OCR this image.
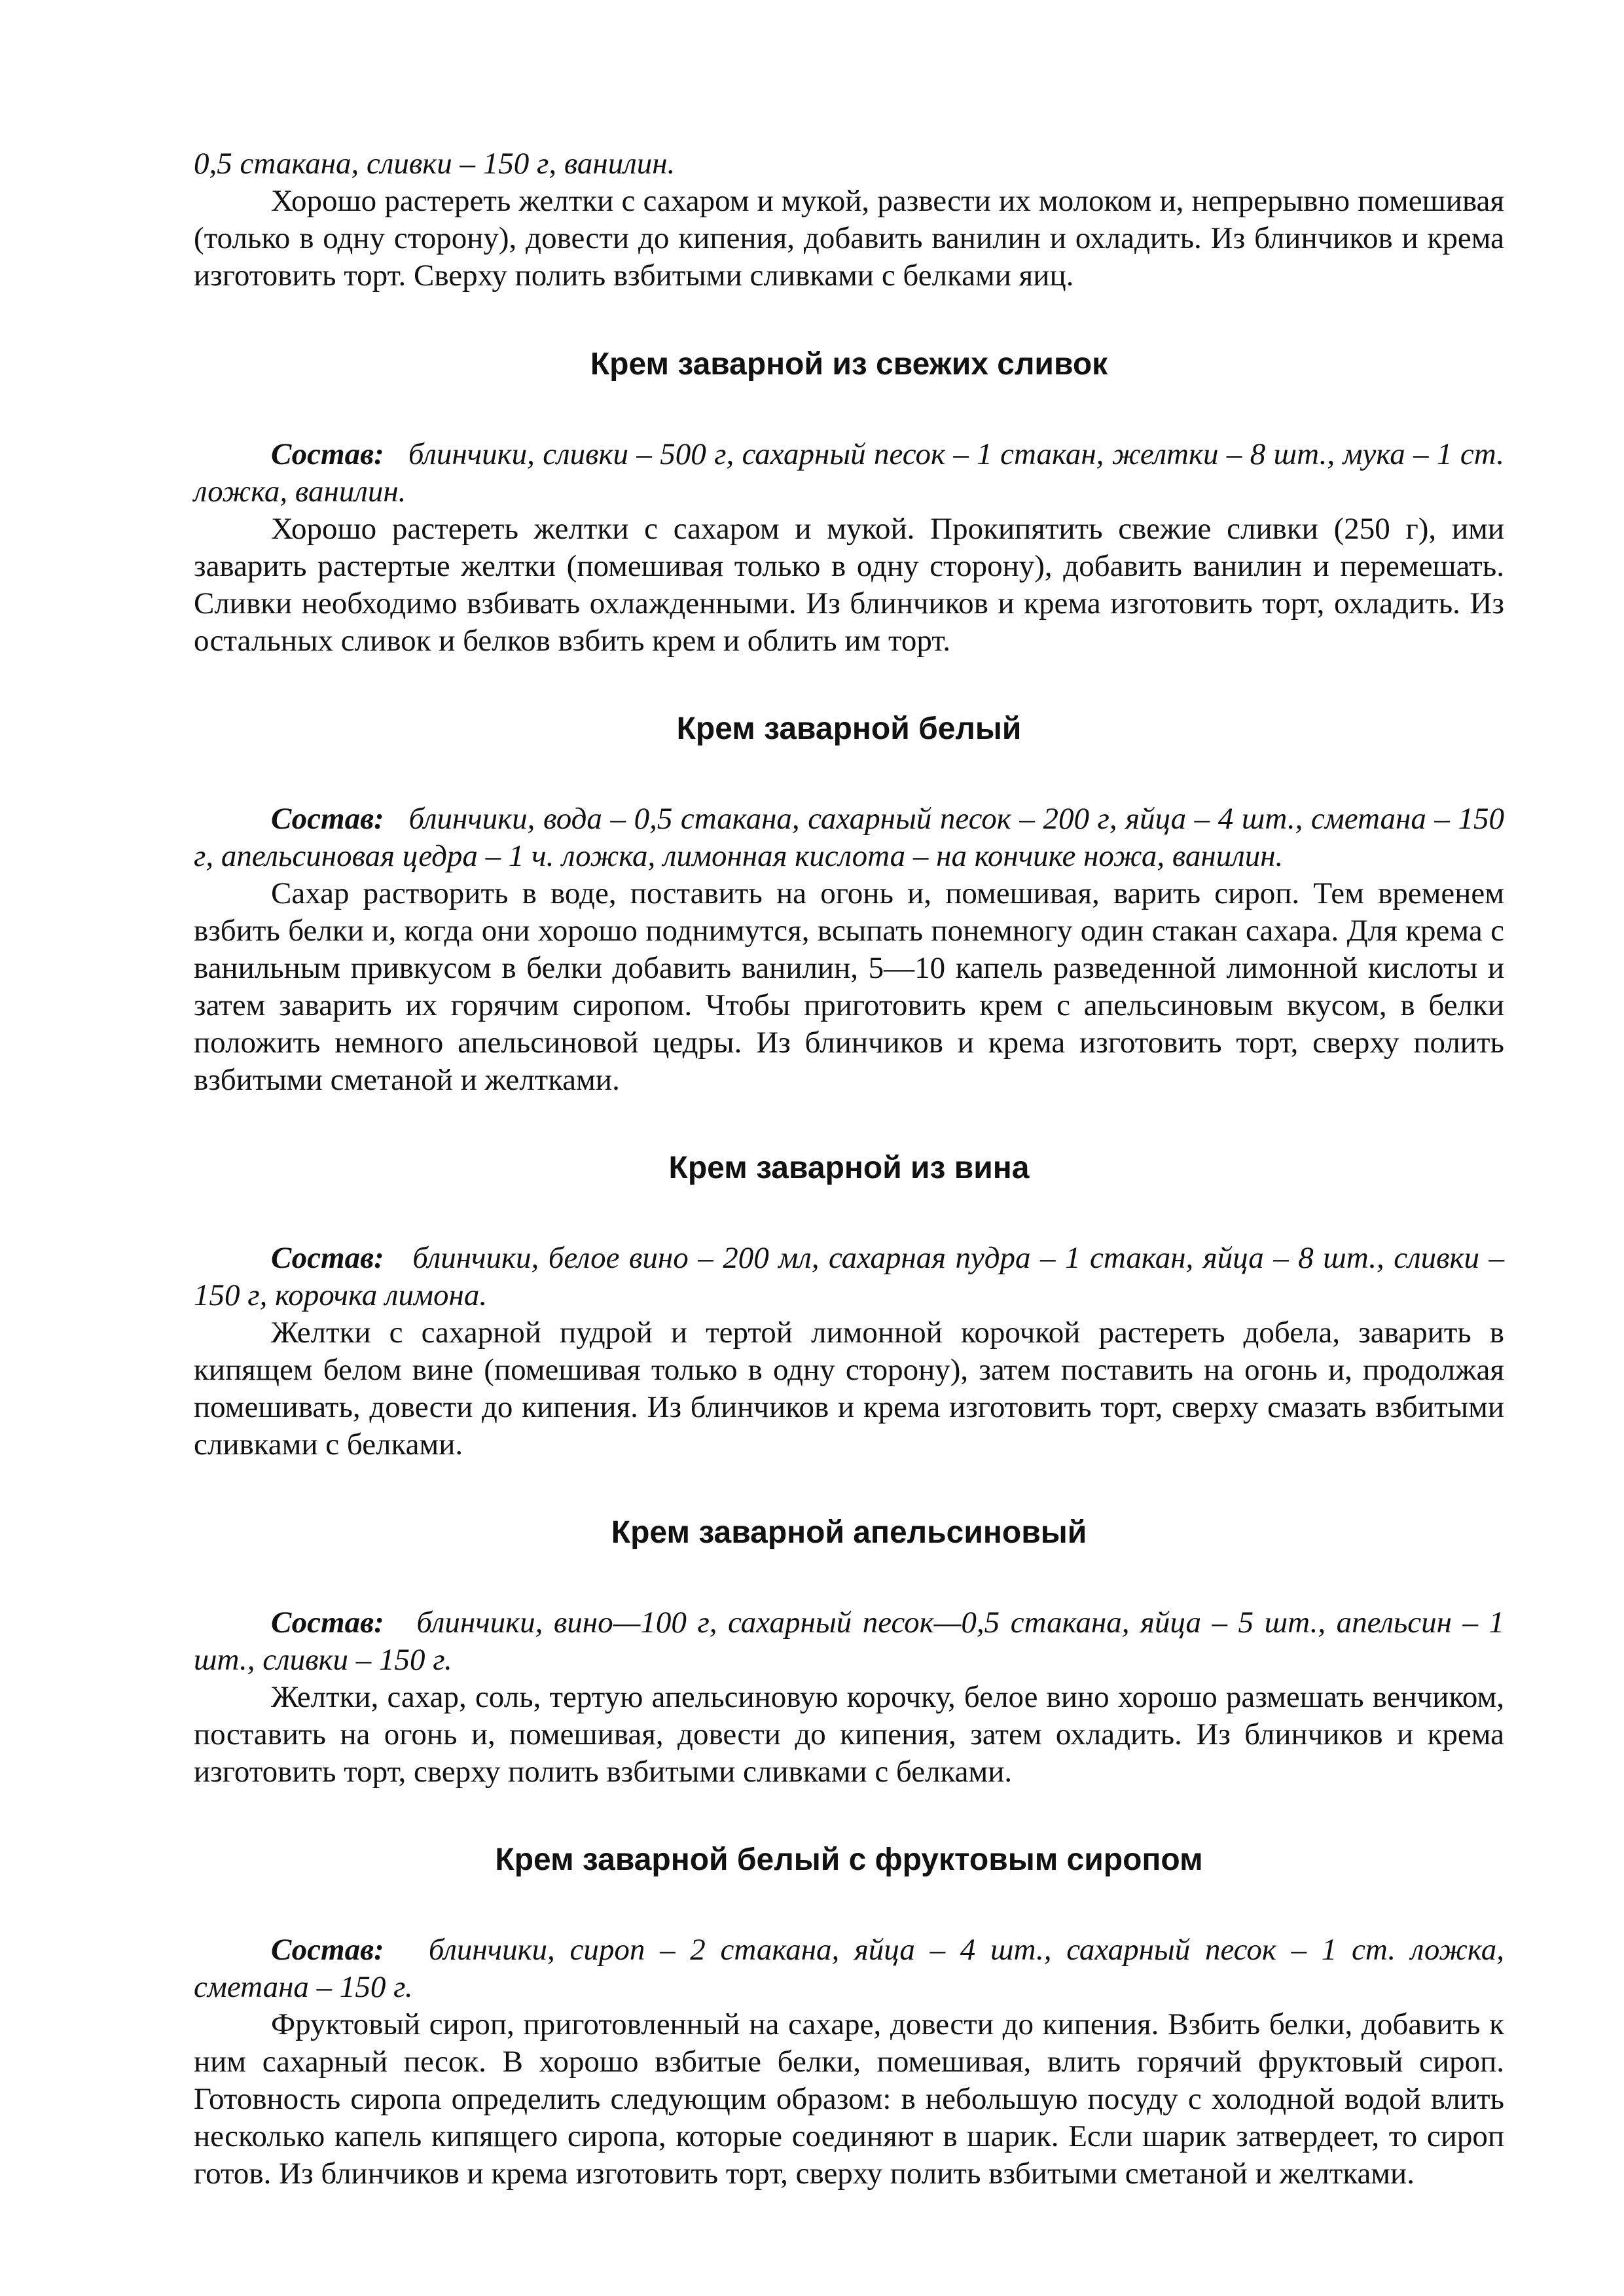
0,5 стакана, сливки – 150 г, ванилин.

Хорошо растереть желтки с сахаром и мукой, развести их молоком и, непрерывно помешивая (только в одну сторону), довести до кипения, добавить ванилин и охладить. Из блинчиков и крема изготовить торт. Сверху полить взбитыми сливками с белками яиц.

Крем заварной из свежих сливок

Состав: блинчики, сливки – 500 г, сахарный песок – 1 стакан, желтки – 8 шт., мука – 1 ст. ложка, ванилин.

Хорошо растереть желтки с сахаром и мукой. Прокипятить свежие сливки (250 г), ими заварить растертые желтки (помешивая только в одну сторону), добавить ванилин и перемешать. Сливки необходимо взбивать охлажденными. Из блинчиков и крема изготовить торт, охладить. Из остальных сливок и белков взбить крем и облить им торт.

Крем заварной белый

Состав: блинчики, вода – 0,5 стакана, сахарный песок – 200 г, яйца – 4 шт., сметана – 150 г, апельсиновая цедра – 1 ч. ложка, лимонная кислота – на кончике ножа, ванилин.

Сахар растворить в воде, поставить на огонь и, помешивая, варить сироп. Тем временем взбить белки и, когда они хорошо поднимутся, всыпать понемногу один стакан сахара. Для крема с ванильным привкусом в белки добавить ванилин, 5—10 капель разведенной лимонной кислоты и затем заварить их горячим сиропом. Чтобы приготовить крем с апельсиновым вкусом, в белки положить немного апельсиновой цедры. Из блинчиков и крема изготовить торт, сверху полить взбитыми сметаной и желтками.

Крем заварной из вина

Состав: блинчики, белое вино – 200 мл, сахарная пудра – 1 стакан, яйца – 8 шт., сливки – 150 г, корочка лимона.

Желтки с сахарной пудрой и тертой лимонной корочкой растереть добела, заварить в кипящем белом вине (помешивая только в одну сторону), затем поставить на огонь и, продолжая помешивать, довести до кипения. Из блинчиков и крема изготовить торт, сверху смазать взбитыми сливками с белками.

Крем заварной апельсиновый

Состав: блинчики, вино—100 г, сахарный песок—0,5 стакана, яйца – 5 шт., апельсин – 1 шт., сливки – 150 г.

Желтки, сахар, соль, тертую апельсиновую корочку, белое вино хорошо размешать венчиком, поставить на огонь и, помешивая, довести до кипения, затем охладить. Из блинчиков и крема изготовить торт, сверху полить взбитыми сливками с белками.

Крем заварной белый с фруктовым сиропом

Состав: блинчики, сироп – 2 стакана, яйца – 4 шт., сахарный песок – 1 ст. ложка, сметана – 150 г.

Фруктовый сироп, приготовленный на сахаре, довести до кипения. Взбить белки, добавить к ним сахарный песок. В хорошо взбитые белки, помешивая, влить горячий фруктовый сироп. Готовность сиропа определить следующим образом: в небольшую посуду с холодной водой влить несколько капель кипящего сиропа, которые соединяют в шарик. Если шарик затвердеет, то сироп готов. Из блинчиков и крема изготовить торт, сверху полить взбитыми сметаной и желтками.
